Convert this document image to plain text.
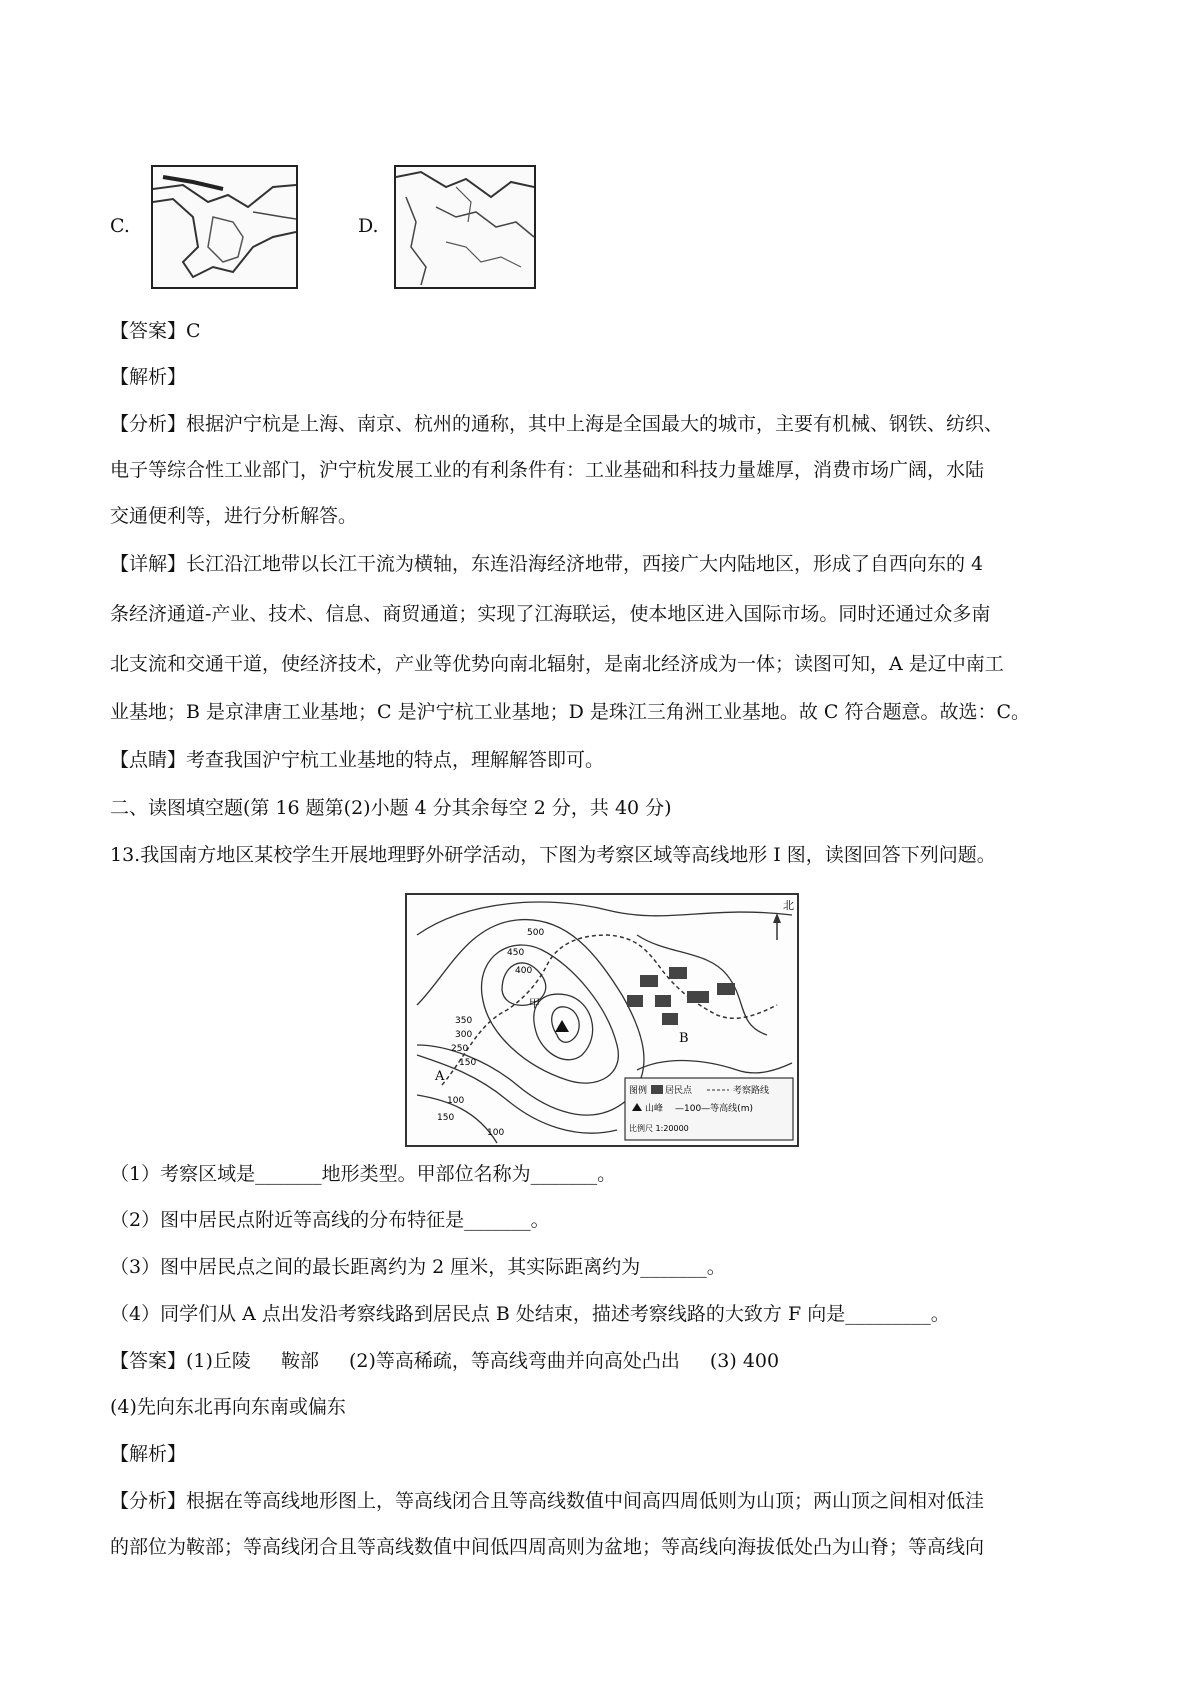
C.	D.
【答案】C
【解析】
【分析】根据沪宁杭是上海、南京、杭州的通称，其中上海是全国最大的城市，主要有机械、钢铁、纺织、
电子等综合性工业部门，沪宁杭发展工业的有利条件有：工业基础和科技力量雄厚，消费市场广阔，水陆
交通便利等，进行分析解答。
【详解】长江沿江地带以长江干流为横轴，东连沿海经济地带，西接广大内陆地区，形成了自西向东的 4
条经济通道-产业、技术、信息、商贸通道；实现了江海联运，使本地区进入国际市场。同时还通过众多南
北支流和交通干道，使经济技术，产业等优势向南北辐射，是南北经济成为一体；读图可知，A 是辽中南工
业基地；B 是京津唐工业基地；C 是沪宁杭工业基地；D 是珠江三角洲工业基地。故 C 符合题意。故选：C。
【点睛】考查我国沪宁杭工业基地的特点，理解解答即可。
二、读图填空题(第 16 题第(2)小题 4 分其余每空 2 分，共 40 分)
13.我国南方地区某校学生开展地理野外研学活动，下图为考察区域等高线地形 I 图，读图回答下列问题。
北
500
450
400
350
300
250
150
100
150
100
甲
A
B
图例 居民点	考察路线
山峰 —100—等高线(m)
比例尺 1:20000
（1）考察区域是_______地形类型。甲部位名称为_______。
（2）图中居民点附近等高线的分布特征是_______。
（3）图中居民点之间的最长距离约为 2 厘米，其实际距离约为_______。
（4）同学们从 A 点出发沿考察线路到居民点 B 处结束，描述考察线路的大致方 F 向是_________。
【答案】(1)丘陵 鞍部 (2)等高稀疏，等高线弯曲并向高处凸出 (3) 400
(4)先向东北再向东南或偏东
【解析】
【分析】根据在等高线地形图上，等高线闭合且等高线数值中间高四周低则为山顶；两山顶之间相对低洼
的部位为鞍部；等高线闭合且等高线数值中间低四周高则为盆地；等高线向海拔低处凸为山脊；等高线向
